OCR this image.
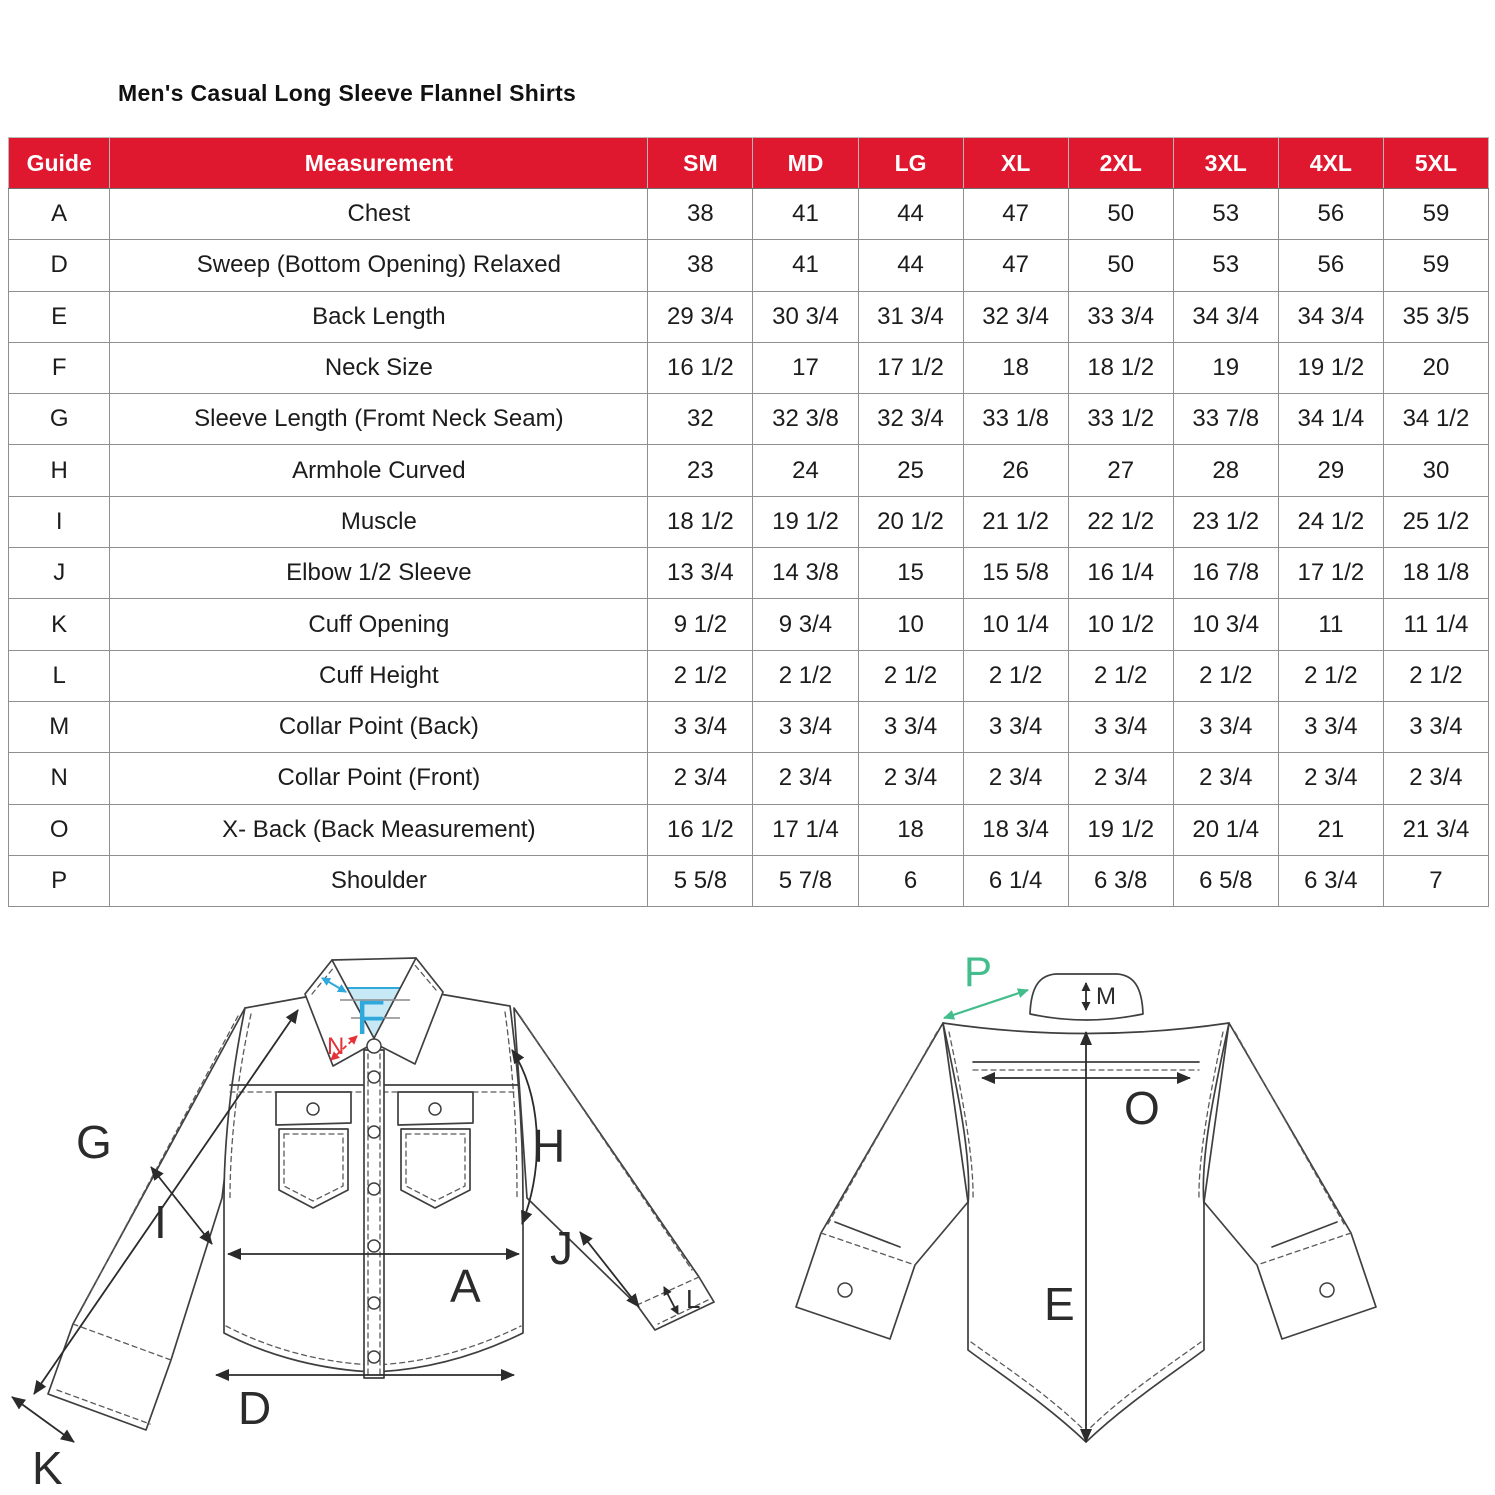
Men's Casual Long Sleeve Flannel Shirts
Guide	Measurement	SM	MD	LG	XL	2XL	3XL	4XL	5XL
A	Chest	38	41	44	47	50	53	56	59
D	Sweep (Bottom Opening) Relaxed	38	41	44	47	50	53	56	59
E	Back Length	29 3/4	30 3/4	31 3/4	32 3/4	33 3/4	34 3/4	34 3/4	35 3/5
F	Neck Size	16 1/2	17	17 1/2	18	18 1/2	19	19 1/2	20
G	Sleeve Length (Fromt Neck Seam)	32	32 3/8	32 3/4	33 1/8	33 1/2	33 7/8	34 1/4	34 1/2
H	Armhole Curved	23	24	25	26	27	28	29	30
I	Muscle	18 1/2	19 1/2	20 1/2	21 1/2	22 1/2	23 1/2	24 1/2	25 1/2
J	Elbow 1/2 Sleeve	13 3/4	14 3/8	15	15 5/8	16 1/4	16 7/8	17 1/2	18 1/8
K	Cuff Opening	9 1/2	9 3/4	10	10 1/4	10 1/2	10 3/4	11	11 1/4
L	Cuff Height	2 1/2	2 1/2	2 1/2	2 1/2	2 1/2	2 1/2	2 1/2	2 1/2
M	Collar Point (Back)	3 3/4	3 3/4	3 3/4	3 3/4	3 3/4	3 3/4	3 3/4	3 3/4
N	Collar Point (Front)	2 3/4	2 3/4	2 3/4	2 3/4	2 3/4	2 3/4	2 3/4	2 3/4
O	X- Back (Back Measurement)	16 1/2	17 1/4	18	18 3/4	19 1/2	20 1/4	21	21 3/4
P	Shoulder	5 5/8	5 7/8	6	6 1/4	6 3/8	6 5/8	6 3/4	7
G
I
F
N
H
A
J
K
L
D
P
M
O
E
